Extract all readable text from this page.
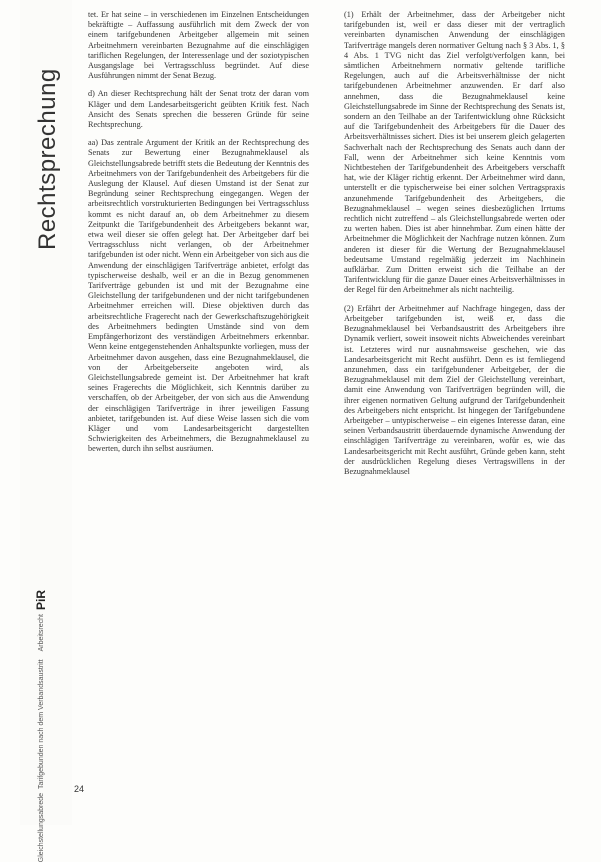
Rechtsprechung
Gleichstellungsabrede
Tarifgebunden nach dem Verbandsaustritt
Arbeitsrecht
PiR

tet. Er hat seine – in verschiedenen im Einzelnen Entscheidungen bekräftigte – Auffassung ausführlich mit dem Zweck der von einem tarifgebundenen Arbeitgeber allgemein mit seinen Arbeitnehmern vereinbarten Bezugnahme auf die einschlägigen tariflichen Regelungen, der Interessenlage und der soziotypischen Ausgangslage bei Vertragsschluss begründet. Auf diese Ausführungen nimmt der Senat Bezug.

d) An dieser Rechtsprechung hält der Senat trotz der daran vom Kläger und dem Landesarbeitsgericht geübten Kritik fest. Nach Ansicht des Senats sprechen die besseren Gründe für seine Rechtsprechung.

aa) Das zentrale Argument der Kritik an der Rechtsprechung des Senats zur Bewertung einer Bezugnahmeklausel als Gleichstellungsabrede betrifft stets die Bedeutung der Kenntnis des Arbeitnehmers von der Tarifgebundenheit des Arbeitgebers für die Auslegung der Klausel. Auf diesen Umstand ist der Senat zur Begründung seiner Rechtsprechung eingegangen. Wegen der arbeitsrechtlich vorstrukturierten Bedingungen bei Vertragsschluss kommt es nicht darauf an, ob dem Arbeitnehmer zu diesem Zeitpunkt die Tarifgebundenheit des Arbeitgebers bekannt war, etwa weil dieser sie offen gelegt hat. Der Arbeitgeber darf bei Vertragsschluss nicht verlangen, ob der Arbeitnehmer tarifgebunden ist oder nicht. Wenn ein Arbeitgeber von sich aus die Anwendung der einschlägigen Tarifverträge anbietet, erfolgt das typischerweise deshalb, weil er an die in Bezug genommenen Tarifverträge gebunden ist und mit der Bezugnahme eine Gleichstellung der tarifgebundenen und der nicht tarifgebundenen Arbeitnehmer erreichen will. Diese objektiven durch das arbeitsrechtliche Fragerecht nach der Gewerkschaftszugehörigkeit des Arbeitnehmers bedingten Umstände sind von dem Empfängerhorizont des verständigen Arbeitnehmers erkennbar. Wenn keine entgegenstehenden Anhaltspunkte vorliegen, muss der Arbeitnehmer davon ausgehen, dass eine Bezugnahmeklausel, die von der Arbeitgeberseite angeboten wird, als Gleichstellungsabrede gemeint ist. Der Arbeitnehmer hat kraft seines Fragerechts die Möglichkeit, sich Kenntnis darüber zu verschaffen, ob der Arbeitgeber, der von sich aus die Anwendung der einschlägigen Tarifverträge in ihrer jeweiligen Fassung anbietet, tarifgebunden ist. Auf diese Weise lassen sich die vom Kläger und vom Landesarbeitsgericht dargestellten Schwierigkeiten des Arbeitnehmers, die Bezugnahmeklausel zu bewerten, durch ihn selbst ausräumen.

(1) Erhält der Arbeitnehmer, dass der Arbeitgeber nicht tarifgebunden ist, weil er dass dieser mit der vertraglich vereinbarten dynamischen Anwendung der einschlägigen Tarifverträge mangels deren normativer Geltung nach § 3 Abs. 1, § 4 Abs. 1 TVG nicht das Ziel verfolgt/verfolgen kann, bei sämtlichen Arbeitnehmern normativ geltende tarifliche Regelungen, auch auf die Arbeitsverhältnisse der nicht tarifgebundenen Arbeitnehmer anzuwenden. Er darf also annehmen, dass die Bezugnahmeklausel keine Gleichstellungsabrede im Sinne der Rechtsprechung des Senats ist, sondern an den Teilhabe an der Tarifentwicklung ohne Rücksicht auf die Tarifgebundenheit des Arbeitgebers für die Dauer des Arbeitsverhältnisses sichert. Dies ist bei unserem gleich gelagerten Sachverhalt nach der Rechtsprechung des Senats auch dann der Fall, wenn der Arbeitnehmer sich keine Kenntnis vom Nichtbestehen der Tarifgebundenheit des Arbeitgebers verschafft hat, wie der Kläger richtig erkennt. Der Arbeitnehmer wird dann, unterstellt er die typischerweise bei einer solchen Vertragspraxis anzunehmende Tarifgebundenheit des Arbeitgebers, die Bezugnahmeklausel – wegen seines diesbezüglichen Irrtums rechtlich nicht zutreffend – als Gleichstellungsabrede werten oder zu werten haben. Dies ist aber hinnehmbar. Zum einen hätte der Arbeitnehmer die Möglichkeit der Nachfrage nutzen können. Zum anderen ist dieser für die Wertung der Bezugnahmeklausel bedeutsame Umstand regelmäßig jederzeit im Nachhinein aufklärbar. Zum Dritten erweist sich die Teilhabe an der Tarifentwicklung für die ganze Dauer eines Arbeitsverhältnisses in der Regel für den Arbeitnehmer als nicht nachteilig.

(2) Erfährt der Arbeitnehmer auf Nachfrage hingegen, dass der Arbeitgeber tarifgebunden ist, weiß er, dass die Bezugnahmeklausel bei Verbandsaustritt des Arbeitgebers ihre Dynamik verliert, soweit insoweit nichts Abweichendes vereinbart ist. Letzteres wird nur ausnahmsweise geschehen, wie das Landesarbeitsgericht mit Recht ausführt. Denn es ist fernliegend anzunehmen, dass ein tarifgebundener Arbeitgeber, der die Bezugnahmeklausel mit dem Ziel der Gleichstellung vereinbart, damit eine Anwendung von Tarifverträgen begründen will, die ihrer eigenen normativen Geltung aufgrund der Tarifgebundenheit des Arbeitgebers nicht entspricht. Ist hingegen der Tarifgebundene Arbeitgeber – untypischerweise – ein eigenes Interesse daran, eine seinen Verbandsaustritt überdauernde dynamische Anwendung der einschlägigen Tarifverträge zu vereinbaren, wofür es, wie das Landesarbeitsgericht mit Recht ausführt, Gründe geben kann, steht der ausdrücklichen Regelung dieses Vertragswillens in der Bezugnahmeklausel

24
